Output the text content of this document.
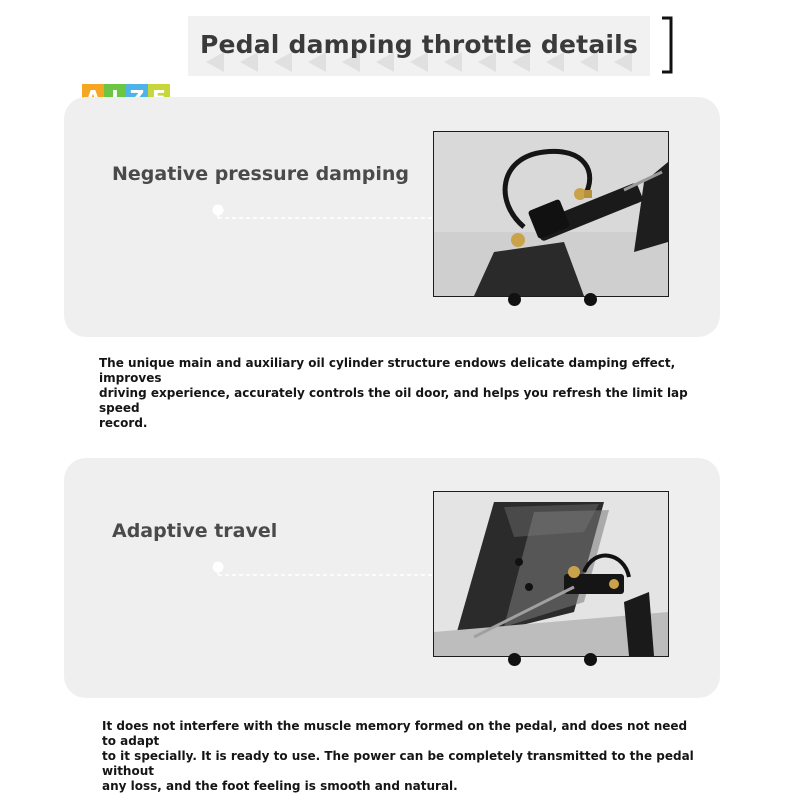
Pedal damping throttle details
Negative pressure damping
The unique main and auxiliary oil cylinder structure endows delicate damping effect, improves
driving experience, accurately controls the oil door, and helps you refresh the limit lap speed
record.
Adaptive travel
It does not interfere with the muscle memory formed on the pedal, and does not need to adapt
to it specially. It is ready to use. The power can be completely transmitted to the pedal without
any loss, and the foot feeling is smooth and natural.
